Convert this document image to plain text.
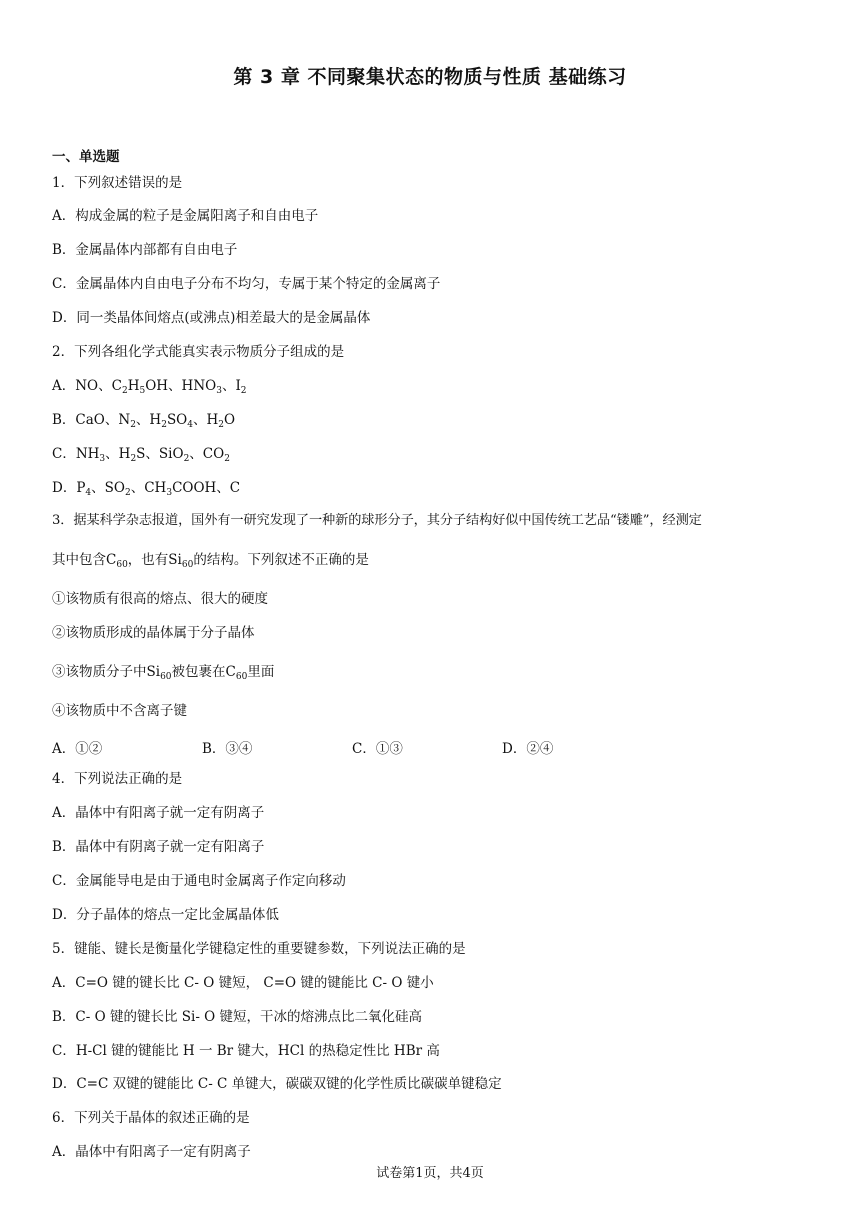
第 3 章 不同聚集状态的物质与性质 基础练习
一、单选题
1．下列叙述错误的是
A．构成金属的粒子是金属阳离子和自由电子
B．金属晶体内部都有自由电子
C．金属晶体内自由电子分布不均匀，专属于某个特定的金属离子
D．同一类晶体间熔点(或沸点)相差最大的是金属晶体
2．下列各组化学式能真实表示物质分子组成的是
A．NO、$C_2H_5OH$、$HNO_3$、$I_2$
B．CaO、$N_2$、$H_2SO_4$、$H_2O$
C．$NH_3$、$H_2S$、SiO$_2$、$CO_2$
D．$P_4$、$SO_2$、$CH_3COOH$、C
3．据某科学杂志报道，国外有一研究发现了一种新的球形分子，其分子结构好似中国传统工艺品“镂雕”，经测定
其中包含$C_{60}$，也有$Si_{60}$的结构。下列叙述不正确的是
①该物质有很高的熔点、很大的硬度
②该物质形成的晶体属于分子晶体
③该物质分子中$Si_{60}$被包裹在$C_{60}$里面
④该物质中不含离子键
A．①②	B．③④	C．①③	D．②④
4．下列说法正确的是
A．晶体中有阳离子就一定有阴离子
B．晶体中有阴离子就一定有阳离子
C．金属能导电是由于通电时金属离子作定向移动
D．分子晶体的熔点一定比金属晶体低
5．键能、键长是衡量化学键稳定性的重要键参数，下列说法正确的是
A．C=O 键的键长比 C- O 键短， C=O 键的键能比 C- O 键小
B．C- O 键的键长比 Si- O 键短，干冰的熔沸点比二氧化硅高
C．H-Cl 键的键能比 H 一 Br 键大，HCl 的热稳定性比 HBr 高
D．C=C 双键的键能比 C- C 单键大，碳碳双键的化学性质比碳碳单键稳定
6．下列关于晶体的叙述正确的是
A．晶体中有阳离子一定有阴离子
试卷第1页，共4页
